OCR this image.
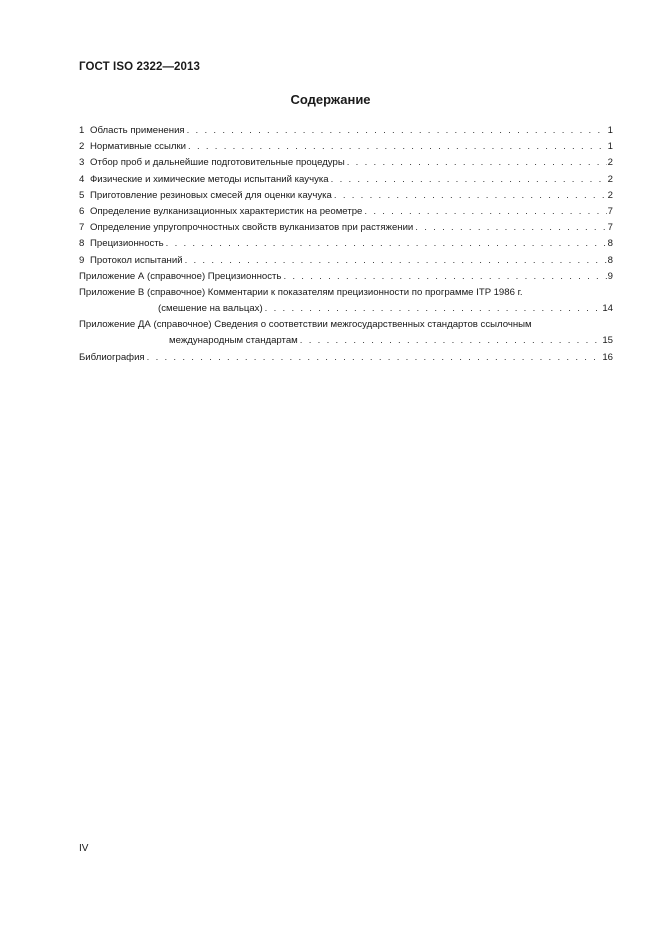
ГОСТ ISO 2322—2013
Содержание
1 Область применения . . .	1
2 Нормативные ссылки . . .	1
3 Отбор проб и дальнейшие подготовительные процедуры . . .	2
4 Физические и химические методы испытаний каучука . . .	2
5 Приготовление резиновых смесей для оценки каучука . . .	2
6 Определение вулканизационных характеристик на реометре . . .	7
7 Определение упругопрочностных свойств вулканизатов при растяжении . . .	7
8 Прецизионность . . .	8
9 Протокол испытаний . . .	8
Приложение А (справочное) Прецизионность . . .	9
Приложение В (справочное) Комментарии к показателям прецизионности по программе ITP 1986 г.
(смешение на вальцах) . . .	14
Приложение ДА (справочное) Сведения о соответствии межгосударственных стандартов ссылочным
международным стандартам . . .	15
Библиография . . .	16
IV
